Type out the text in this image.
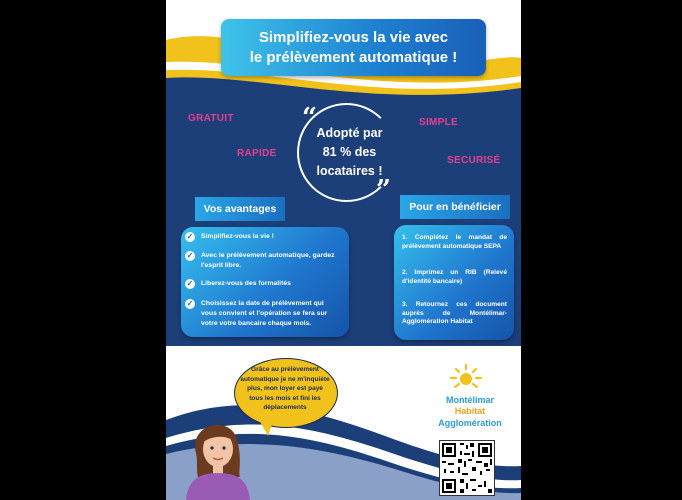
Simplifiez-vous la vie avec
le prélèvement automatique !
GRATUIT
RAPIDE
SIMPLE
SECURISÉ
“
”
Adopté par
81 % des
locataires !
Vos avantages	Pour en bénéficier
✓ Simplifiez-vous la vie !
✓ Avec le prélèvement automatique, gardez l'esprit libre.
✓ Liberez-vous des formalités
✓ Choisissez la date de prélèvement qui vous convient et l'opération se fera sur votre votre bancaire chaque mois.
1. Complétez le mandat de prélèvement automatique SEPA
2. Imprimez un RIB (Relevé d'identité bancaire)
3. Retournez ces document auprès de Montélimar-Agglomération Habitat
Grâce au prélèvement automatique je ne m'inquiète plus, mon loyer est payé tous les mois et fini les déplacements
Montélimar
Habitat
Agglomération
